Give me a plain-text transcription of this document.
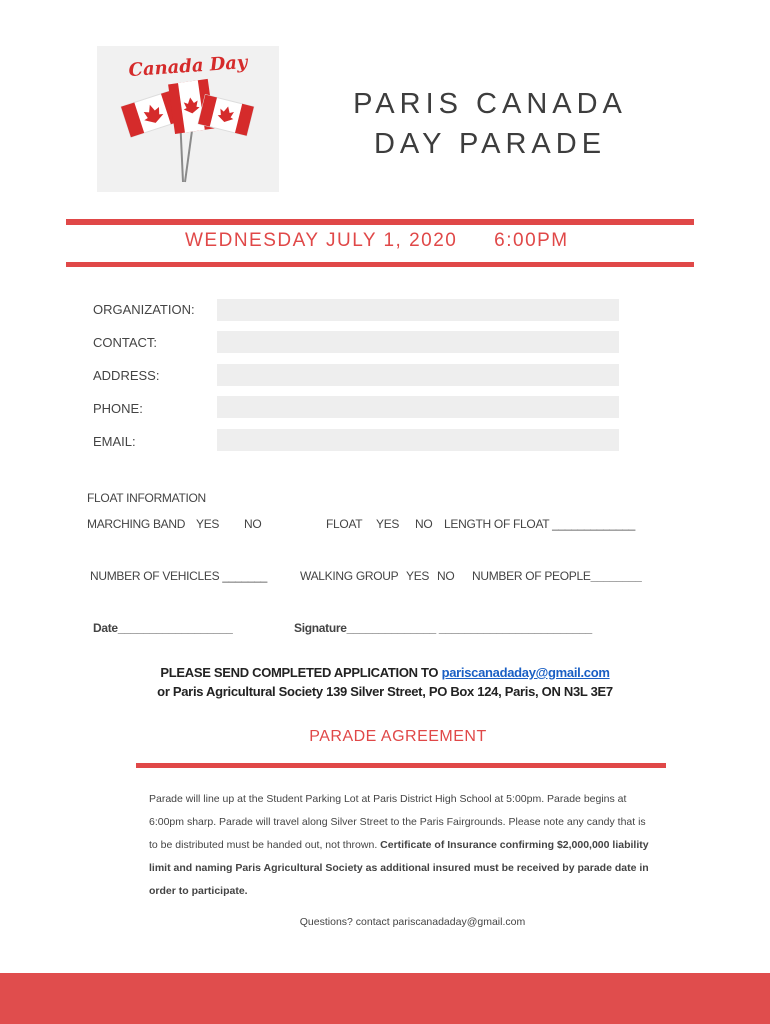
Canada Day
PARIS CANADA
DAY PARADE
WEDNESDAY JULY 1, 2020 6:00PM
ORGANIZATION:
CONTACT:
ADDRESS:
PHONE:
EMAIL:
FLOAT INFORMATION
MARCHING BAND YES NO	FLOAT YES NO LENGTH OF FLOAT _____________
NUMBER OF VEHICLES _______	WALKING GROUP YES NO NUMBER OF PEOPLE________
Date__________________	Signature______________ ________________________
PLEASE SEND COMPLETED APPLICATION TO pariscanadaday@gmail.com
or Paris Agricultural Society 139 Silver Street, PO Box 124, Paris, ON N3L 3E7
PARADE AGREEMENT
Parade will line up at the Student Parking Lot at Paris District High School at 5:00pm. Parade begins at 6:00pm sharp. Parade will travel along Silver Street to the Paris Fairgrounds. Please note any candy that is to be distributed must be handed out, not thrown. Certificate of Insurance confirming $2,000,000 liability limit and naming Paris Agricultural Society as additional insured must be received by parade date in order to participate.
Questions? contact pariscanadaday@gmail.com
